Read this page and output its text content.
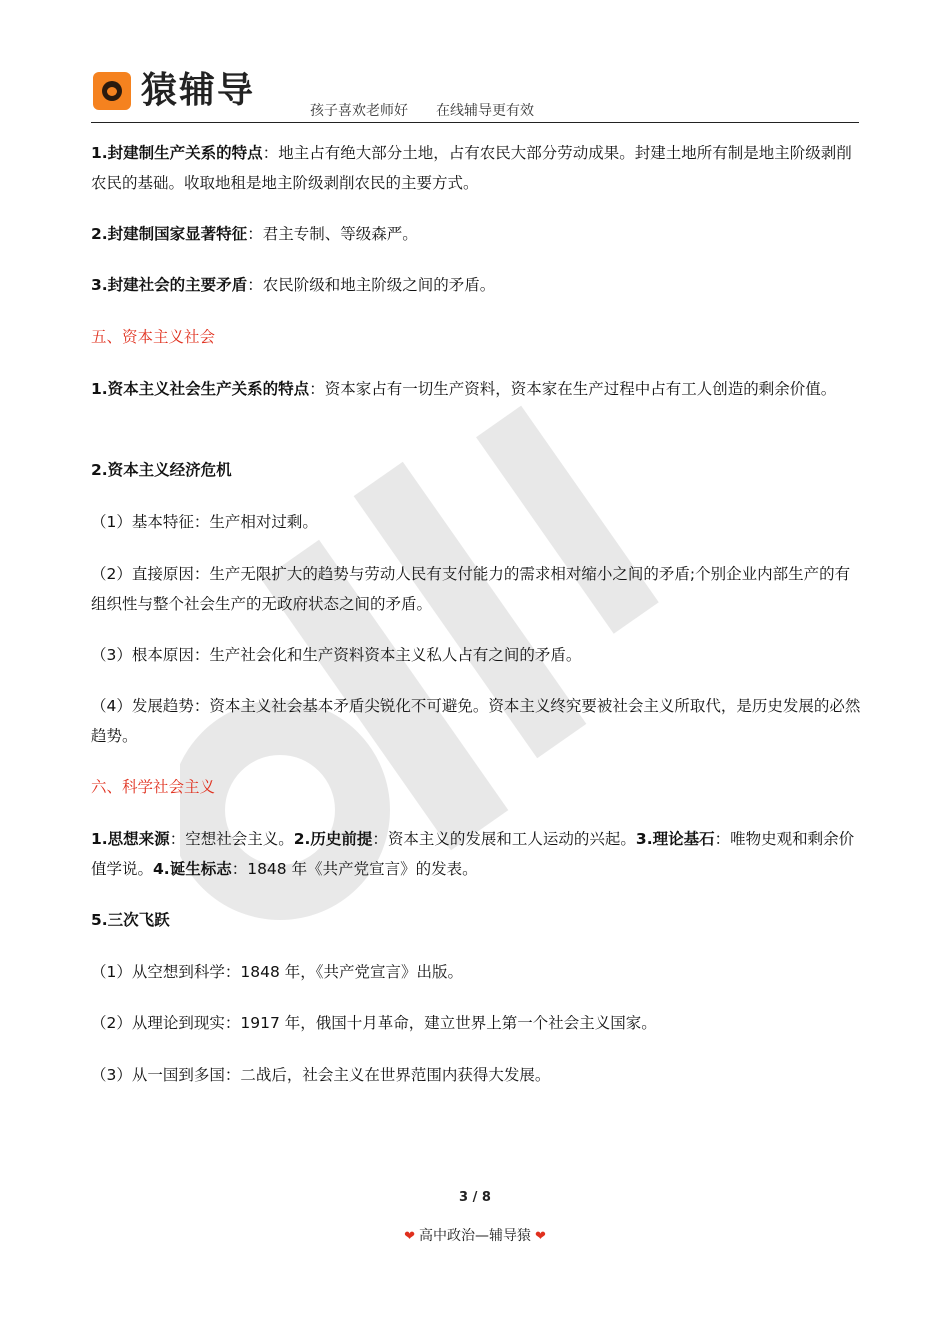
猿辅导	孩子喜欢老师好 在线辅导更有效

1.封建制生产关系的特点：地主占有绝大部分土地，占有农民大部分劳动成果。封建土地所有制是地主阶级剥削农民的基础。收取地租是地主阶级剥削农民的主要方式。

2.封建制国家显著特征：君主专制、等级森严。

3.封建社会的主要矛盾：农民阶级和地主阶级之间的矛盾。

五、资本主义社会

1.资本主义社会生产关系的特点：资本家占有一切生产资料，资本家在生产过程中占有工人创造的剩余价值。

2.资本主义经济危机

（1）基本特征：生产相对过剩。

（2）直接原因：生产无限扩大的趋势与劳动人民有支付能力的需求相对缩小之间的矛盾;个别企业内部生产的有组织性与整个社会生产的无政府状态之间的矛盾。

（3）根本原因：生产社会化和生产资料资本主义私人占有之间的矛盾。

（4）发展趋势：资本主义社会基本矛盾尖锐化不可避免。资本主义终究要被社会主义所取代，是历史发展的必然趋势。

六、科学社会主义

1.思想来源：空想社会主义。2.历史前提：资本主义的发展和工人运动的兴起。3.理论基石：唯物史观和剩余价值学说。4.诞生标志：1848 年《共产党宣言》的发表。

5.三次飞跃

（1）从空想到科学：1848 年，《共产党宣言》出版。

（2）从理论到现实：1917 年，俄国十月革命，建立世界上第一个社会主义国家。

（3）从一国到多国：二战后，社会主义在世界范围内获得大发展。

3 / 8
❤ 高中政治—辅导猿 ❤
